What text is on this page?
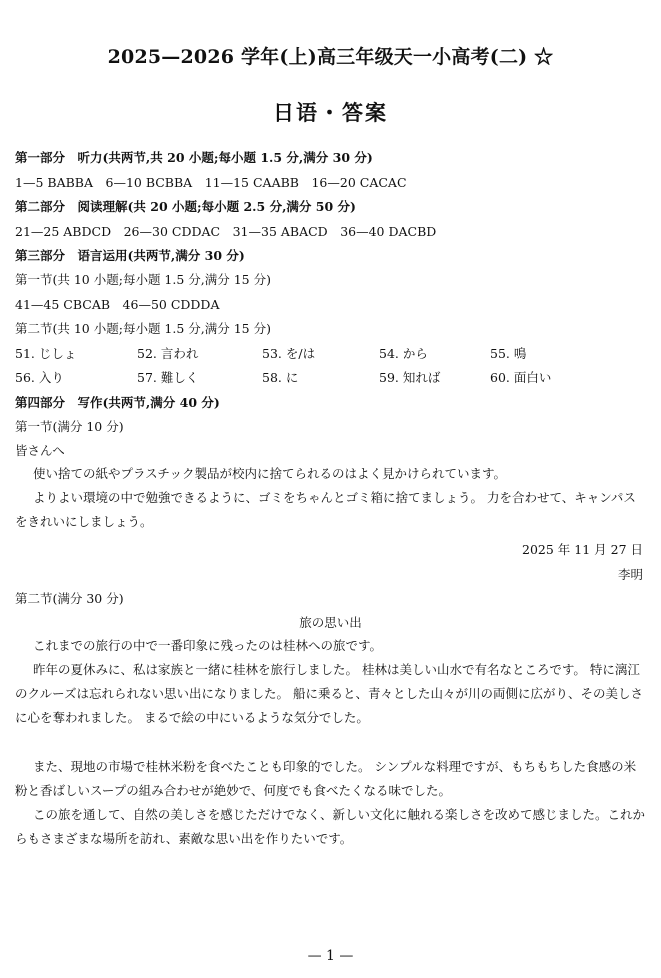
2025—2026 学年(上)高三年级天一小高考(二) ☆
日语・答案
第一部分　听力(共两节,共 20 小题;每小题 1.5 分,满分 30 分)
1—5 BABBA　6—10 BCBBA　11—15 CAABB　16—20 CACAC
第二部分　阅读理解(共 20 小题;每小题 2.5 分,满分 50 分)
21—25 ABDCD　26—30 CDDAC　31—35 ABACD　36—40 DACBD
第三部分　语言运用(共两节,满分 30 分)
第一节(共 10 小题;每小题 1.5 分,满分 15 分)
41—45 CBCAB　46—50 CDDDA
第二节(共 10 小题;每小题 1.5 分,满分 15 分)
51. じしょ	52. 言われ	53. を/は	54. から	55. 鳴
56. 入り	57. 難しく	58. に	59. 知れば	60. 面白い
第四部分　写作(共两节,满分 40 分)
第一节(满分 10 分)
皆さんへ
使い捨ての紙やプラスチック製品が校内に捨てられるのはよく見かけられています。
よりよい環境の中で勉強できるように、ゴミをちゃんとゴミ箱に捨てましょう。 力を合わせて、キャンパスをきれいにしましょう。
2025 年 11 月 27 日
李明
第二节(满分 30 分)
旅の思い出
これまでの旅行の中で一番印象に残ったのは桂林への旅です。
昨年の夏休みに、私は家族と一緒に桂林を旅行しました。 桂林は美しい山水で有名なところです。 特に漓江のクルーズは忘れられない思い出になりました。 船に乗ると、青々とした山々が川の両側に広がり、その美しさに心を奪われました。 まるで絵の中にいるような気分でした。
また、現地の市場で桂林米粉を食べたことも印象的でした。 シンプルな料理ですが、もちもちした食感の米粉と香ばしいスープの組み合わせが絶妙で、何度でも食べたくなる味でした。
この旅を通して、自然の美しさを感じただけでなく、新しい文化に触れる楽しさを改めて感じました。これからもさまざまな場所を訪れ、素敵な思い出を作りたいです。
— 1 —
